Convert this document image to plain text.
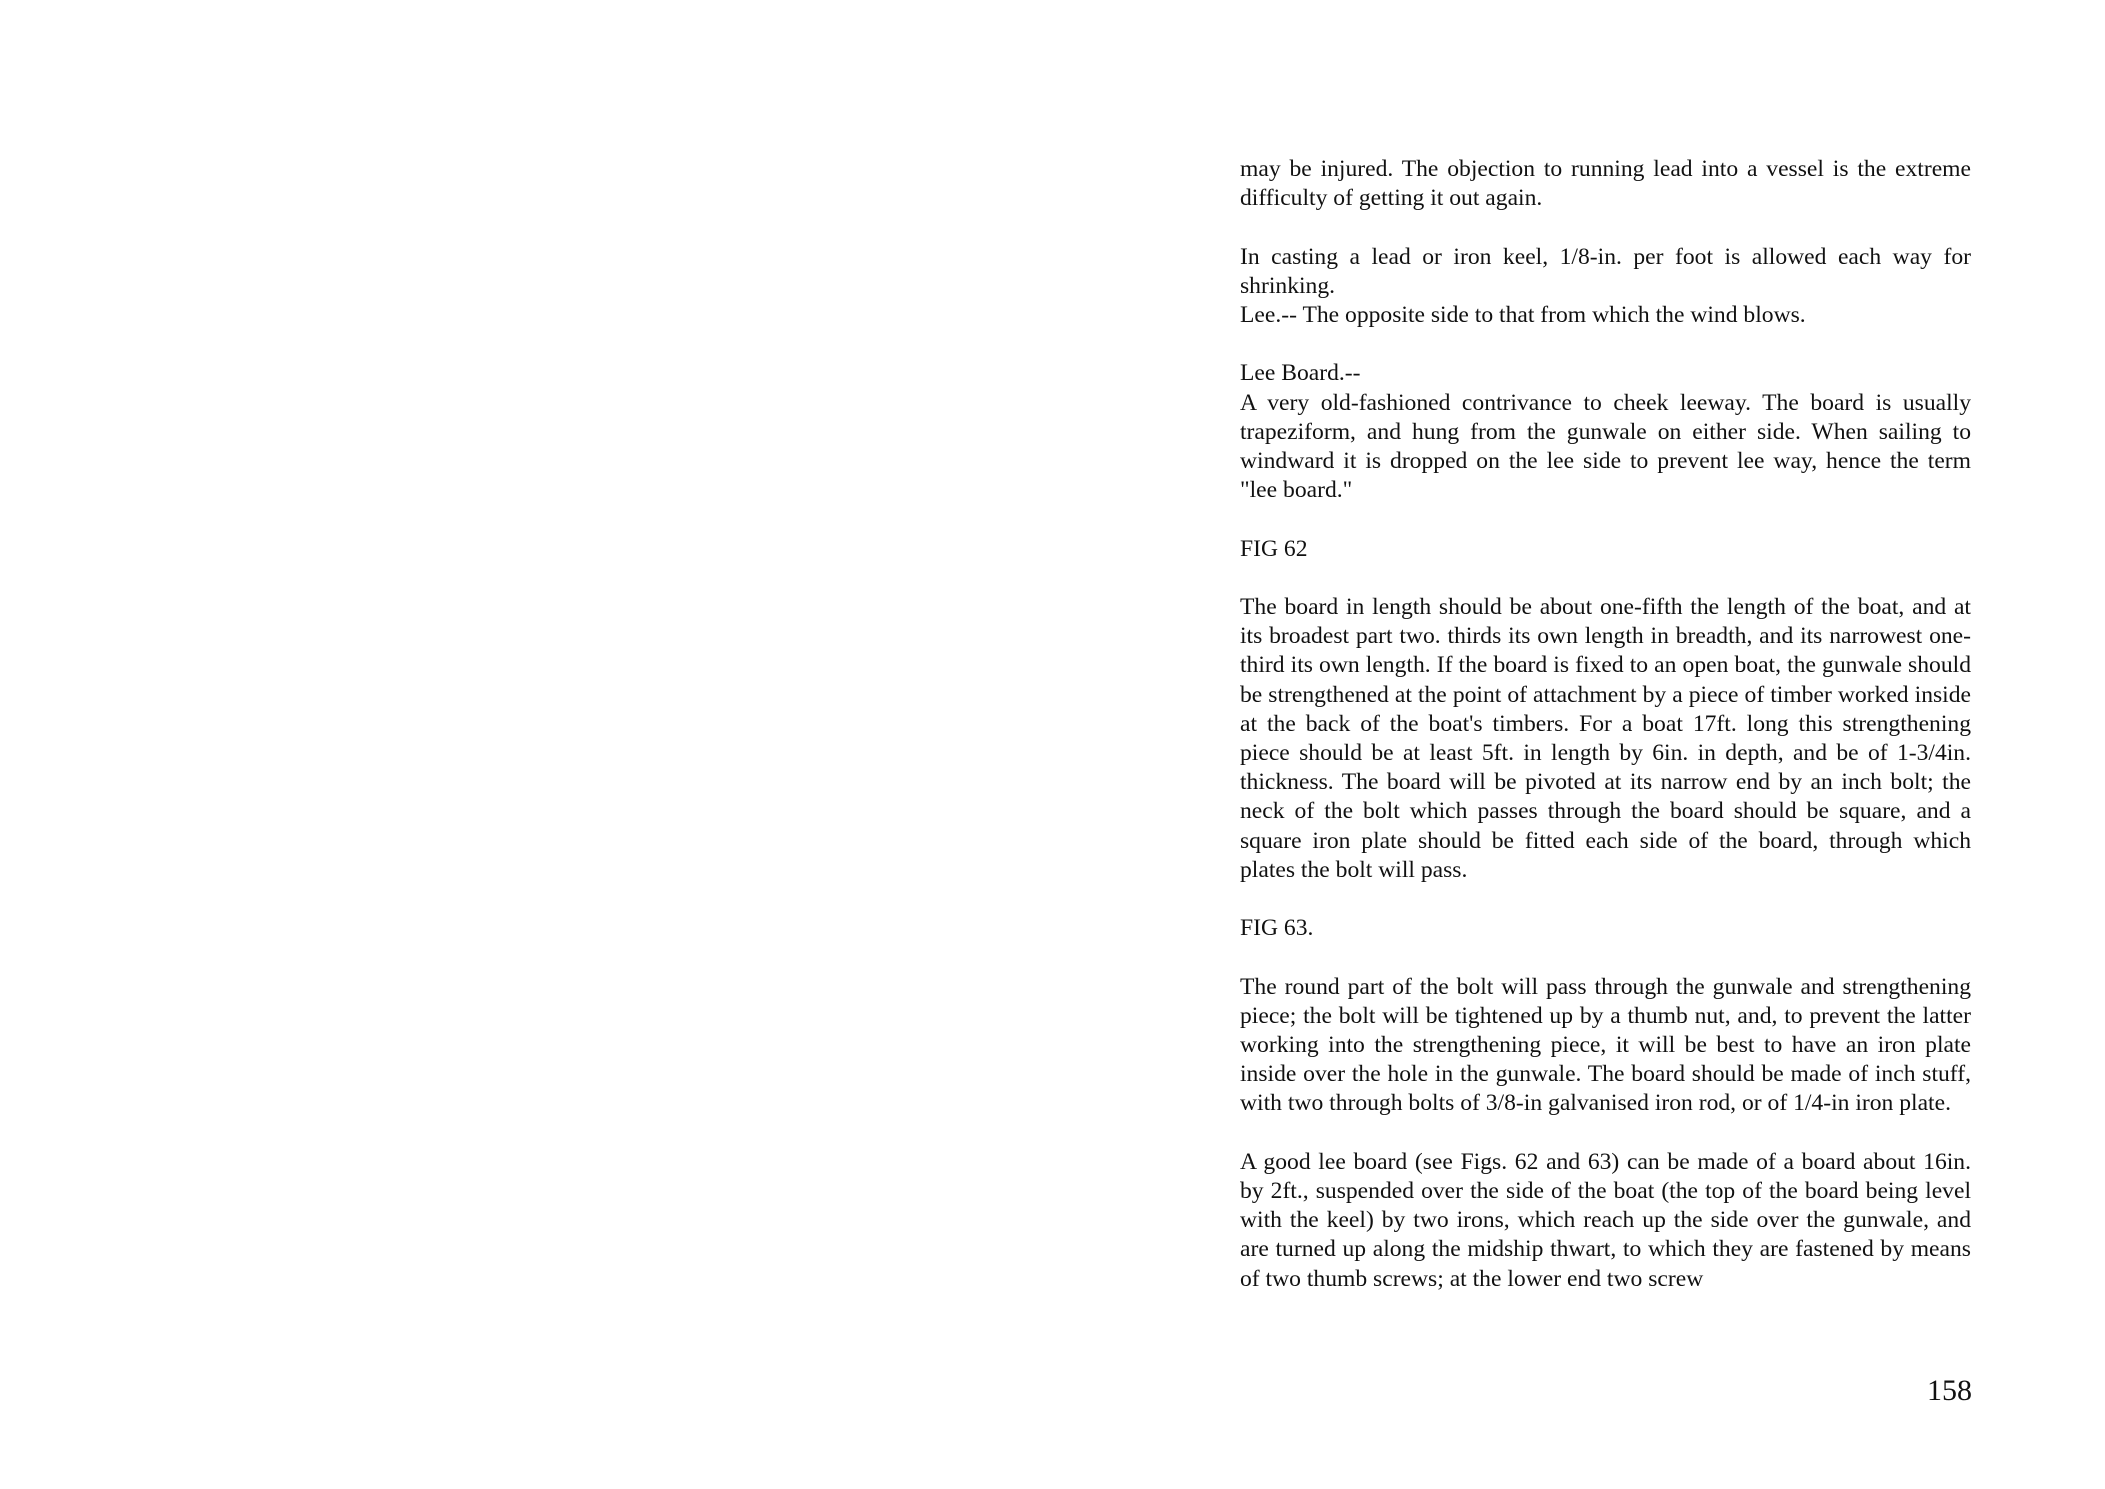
may be injured. The objection to running lead into a vessel is the extreme difficulty of getting it out again.

In casting a lead or iron keel, 1/8-in. per foot is allowed each way for shrinking.

Lee.-- The opposite side to that from which the wind blows.

Lee Board.--

A very old-fashioned contrivance to cheek leeway. The board is usually trapeziform, and hung from the gunwale on either side. When sailing to windward it is dropped on the lee side to prevent lee way, hence the term "lee board."

FIG 62

The board in length should be about one-fifth the length of the boat, and at its broadest part two. thirds its own length in breadth, and its narrowest one-third its own length. If the board is fixed to an open boat, the gunwale should be strengthened at the point of attachment by a piece of timber worked inside at the back of the boat's timbers. For a boat 17ft. long this strengthening piece should be at least 5ft. in length by 6in. in depth, and be of 1-3/4in. thickness. The board will be pivoted at its narrow end by an inch bolt; the neck of the bolt which passes through the board should be square, and a square iron plate should be fitted each side of the board, through which plates the bolt will pass.

FIG 63.

The round part of the bolt will pass through the gunwale and strengthening piece; the bolt will be tightened up by a thumb nut, and, to prevent the latter working into the strengthening piece, it will be best to have an iron plate inside over the hole in the gunwale. The board should be made of inch stuff, with two through bolts of 3/8-in galvanised iron rod, or of 1/4-in iron plate.

A good lee board (see Figs. 62 and 63) can be made of a board about 16in. by 2ft., suspended over the side of the boat (the top of the board being level with the keel) by two irons, which reach up the side over the gunwale, and are turned up along the midship thwart, to which they are fastened by means of two thumb screws; at the lower end two screw

158
